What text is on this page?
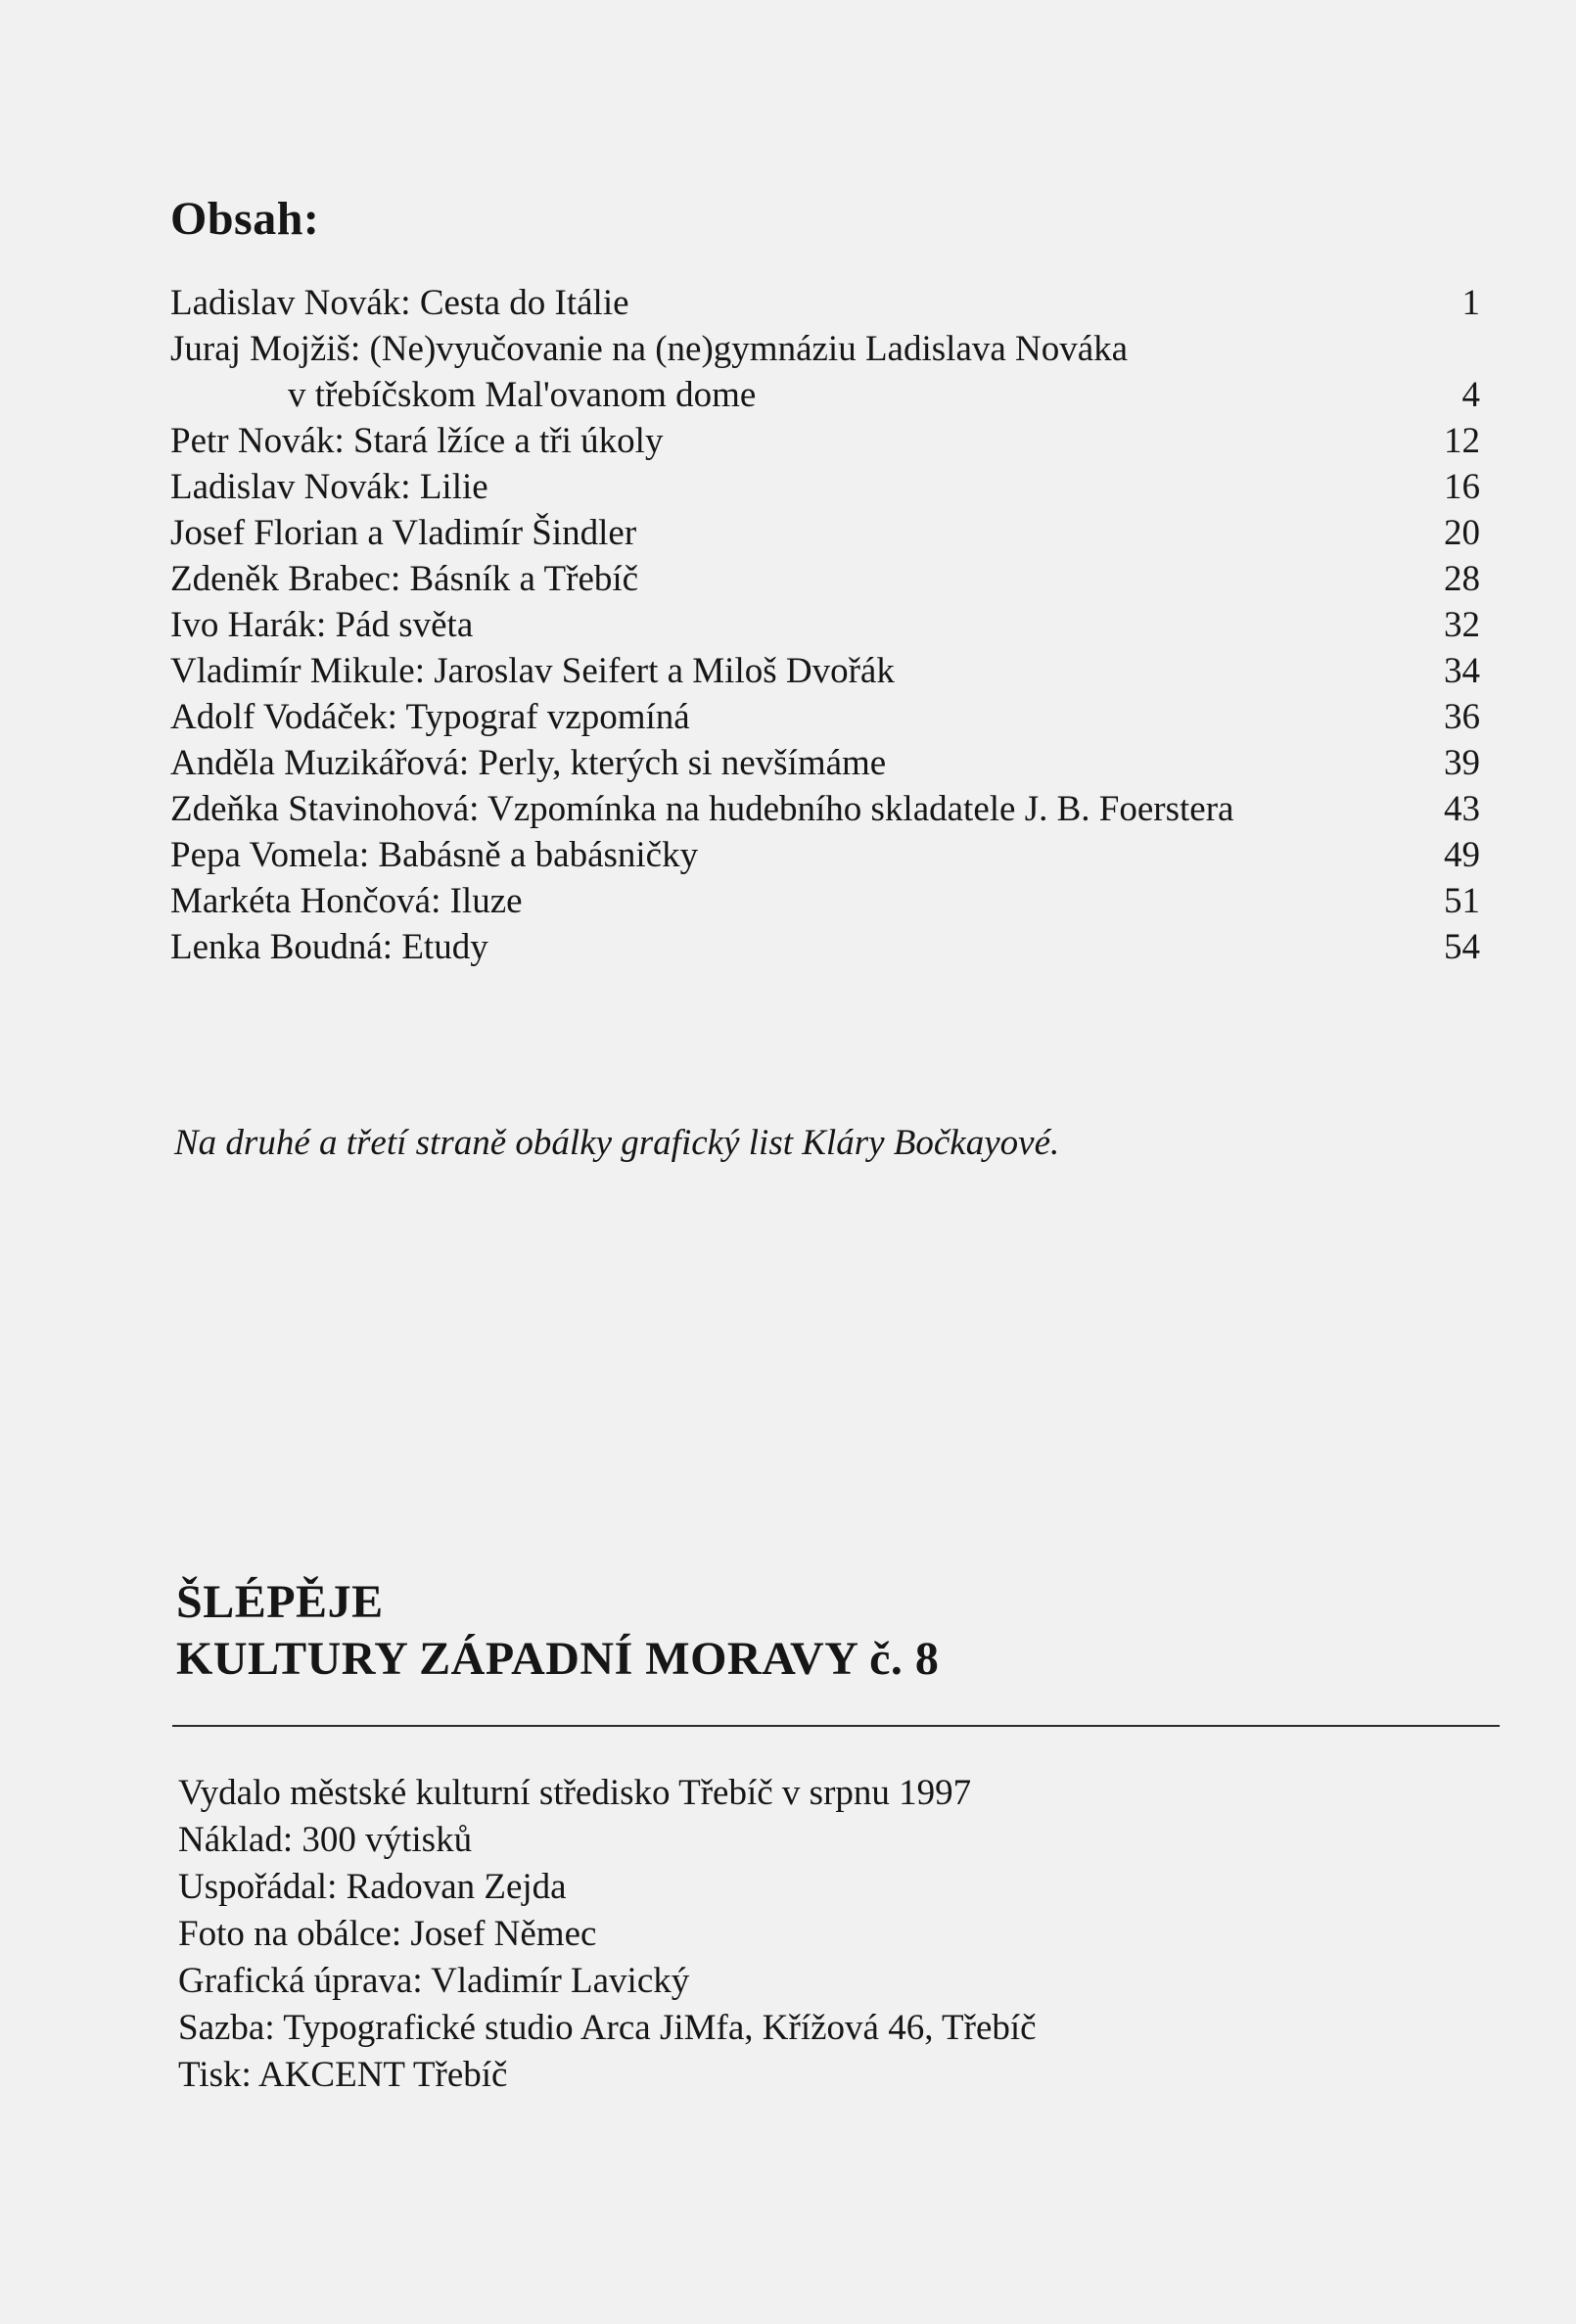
Obsah:
Ladislav Novák: Cesta do Itálie	1
Juraj Mojžiš: (Ne)vyučovanie na (ne)gymnáziu Ladislava Nováka
v třebíčskom Mal'ovanom dome	4
Petr Novák: Stará lžíce a tři úkoly	12
Ladislav Novák: Lilie	16
Josef Florian a Vladimír Šindler	20
Zdeněk Brabec: Básník a Třebíč	28
Ivo Harák: Pád světa	32
Vladimír Mikule: Jaroslav Seifert a Miloš Dvořák	34
Adolf Vodáček: Typograf vzpomíná	36
Anděla Muzikářová: Perly, kterých si nevšímáme	39
Zdeňka Stavinohová: Vzpomínka na hudebního skladatele J. B. Foerstera	43
Pepa Vomela: Babásně a babásničky	49
Markéta Hončová: Iluze	51
Lenka Boudná: Etudy	54
Na druhé a třetí straně obálky grafický list Kláry Bočkayové.
ŠLÉPĚJE
KULTURY ZÁPADNÍ MORAVY č. 8
Vydalo městské kulturní středisko Třebíč v srpnu 1997
Náklad: 300 výtisků
Uspořádal: Radovan Zejda
Foto na obálce: Josef Němec
Grafická úprava: Vladimír Lavický
Sazba: Typografické studio Arca JiMfa, Křížová 46, Třebíč
Tisk: AKCENT Třebíč
